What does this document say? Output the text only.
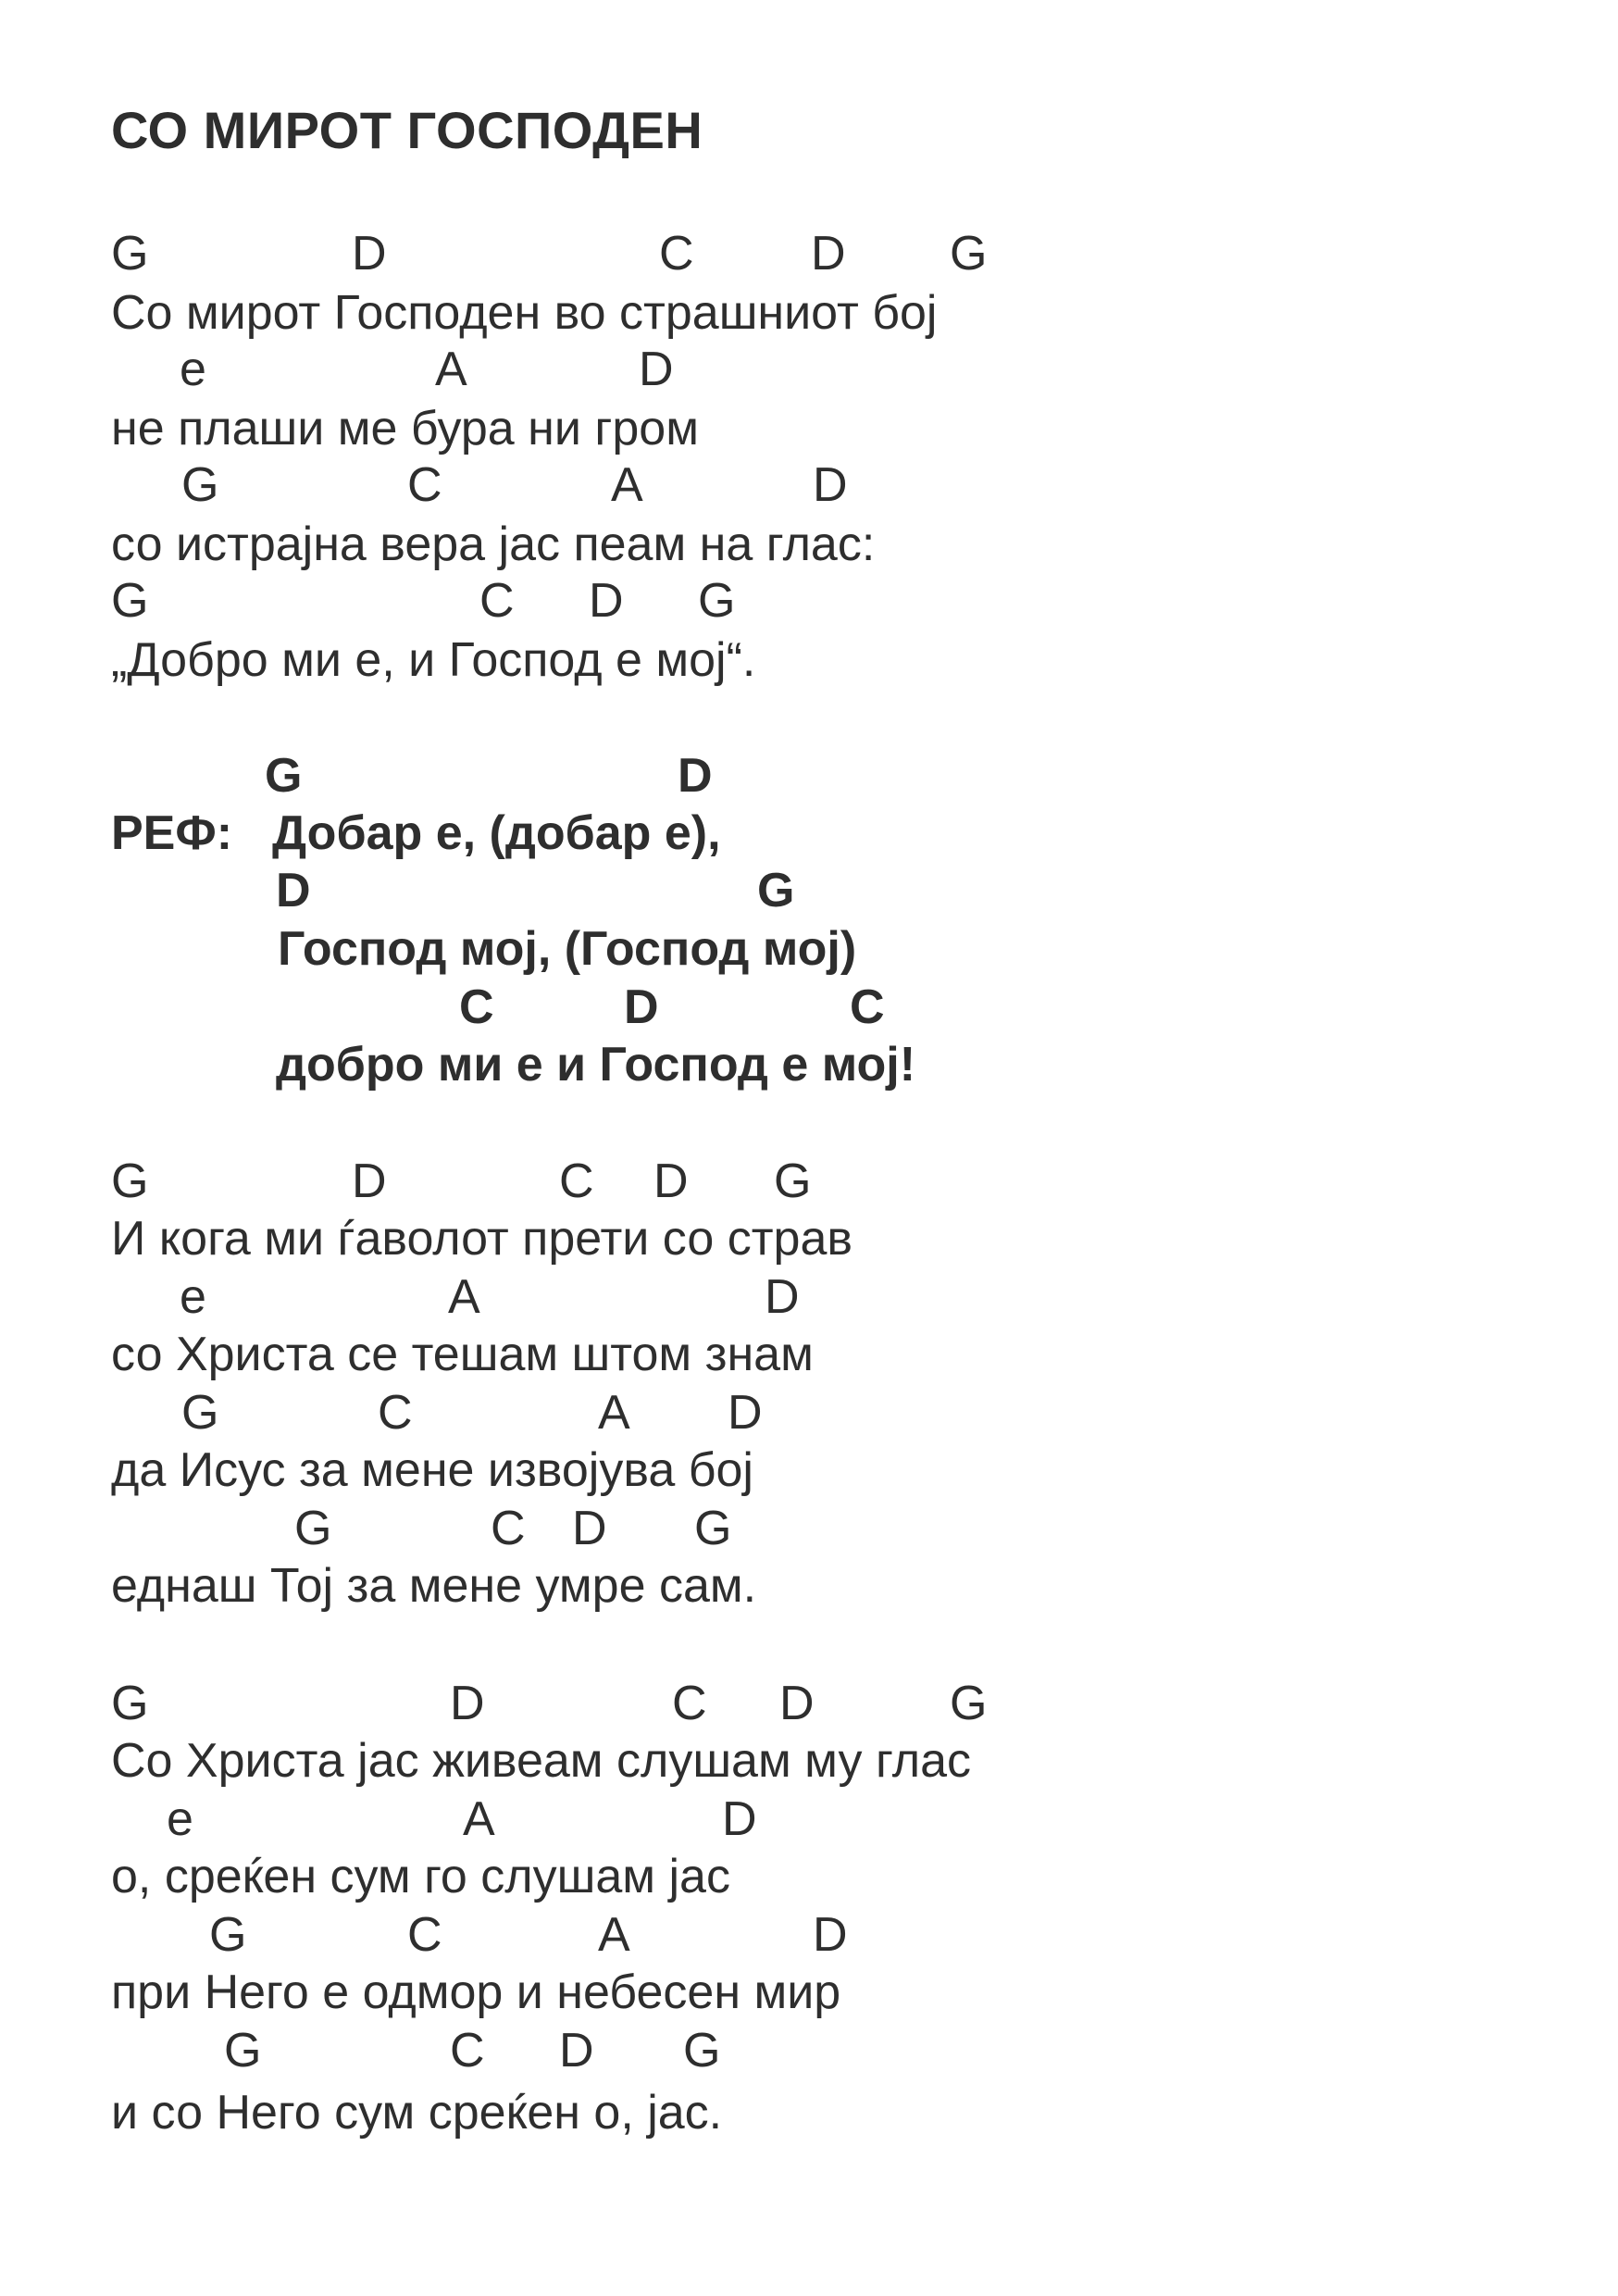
СО МИРОТ ГОСПОДЕН
G	D	C D G
Со мирот Господен во страшниот бој
e	A	D
не плаши ме бура ни гром
G	C	A	D
со истрајна вера јас пеам на глас:
G	C D G
„Добро ми е, и Господ е мој“.
G	D
РЕФ: Добар е, (добар е),
D	G
Господ мој, (Господ мој)
C	D	C
добро ми е и Господ е мој!
G	D	C D G
И кога ми ѓаволот прети со страв
e	A	D
со Христа се тешам штом знам
G	C	A D
да Исус за мене извојува бој
G	C D G
еднаш Тој за мене умре сам.
G	D	C D	G
Со Христа јас живеам слушам му глас
e	A	D
о, среќен сум го слушам јас
G	C	A	D
при Него е одмор и небесен мир
G	C D G
и со Него сум среќен о, јас.
